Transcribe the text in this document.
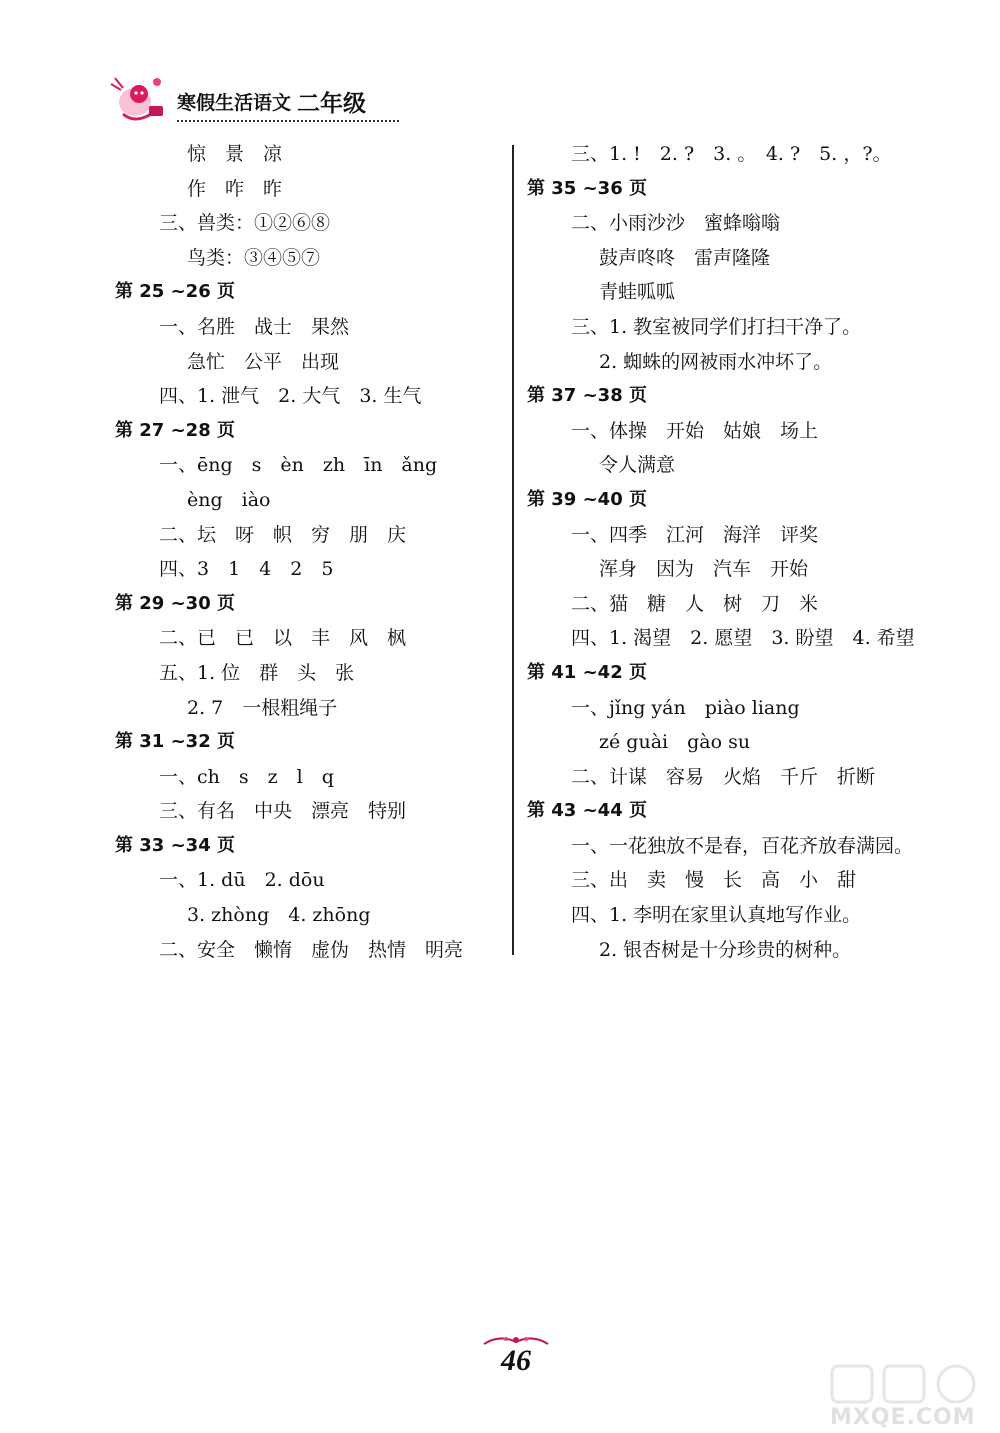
寒假生活语文 二年级
惊　景　凉
作　咋　昨
三、兽类：①②⑥⑧
鸟类：③④⑤⑦
第 25 ~26 页
一、名胜　战士　果然
急忙　公平　出现
四、1. 泄气　2. 大气　3. 生气
第 27 ~28 页
一、ēng　s　èn　zh　īn　ǎng
èng　iào
二、坛　呀　帜　穷　朋　庆
四、3　1　4　2　5
第 29 ~30 页
二、已　已　以　丰　风　枫
五、1. 位　群　头　张
2. 7　一根粗绳子
第 31 ~32 页
一、ch　s　z　l　q
三、有名　中央　漂亮　特别
第 33 ~34 页
一、1. dū　2. dōu
3. zhòng　4. zhōng
二、安全　懒惰　虚伪　热情　明亮
三、1. !　2. ?　3. 。　4. ?　5. ，?。
第 35 ~36 页
二、小雨沙沙　蜜蜂嗡嗡
鼓声咚咚　雷声隆隆
青蛙呱呱
三、1. 教室被同学们打扫干净了。
2. 蜘蛛的网被雨水冲坏了。
第 37 ~38 页
一、体操　开始　姑娘　场上
令人满意
第 39 ~40 页
一、四季　江河　海洋　评奖
浑身　因为　汽车　开始
二、猫　糖　人　树　刀　米
四、1. 渴望　2. 愿望　3. 盼望　4. 希望
第 41 ~42 页
一、jǐng yán　piào liang
zé guài　gào su
二、计谋　容易　火焰　千斤　折断
第 43 ~44 页
一、一花独放不是春，百花齐放春满园。
三、出　卖　慢　长　高　小　甜
四、1. 李明在家里认真地写作业。
2. 银杏树是十分珍贵的树种。
46
MXQE.COM
